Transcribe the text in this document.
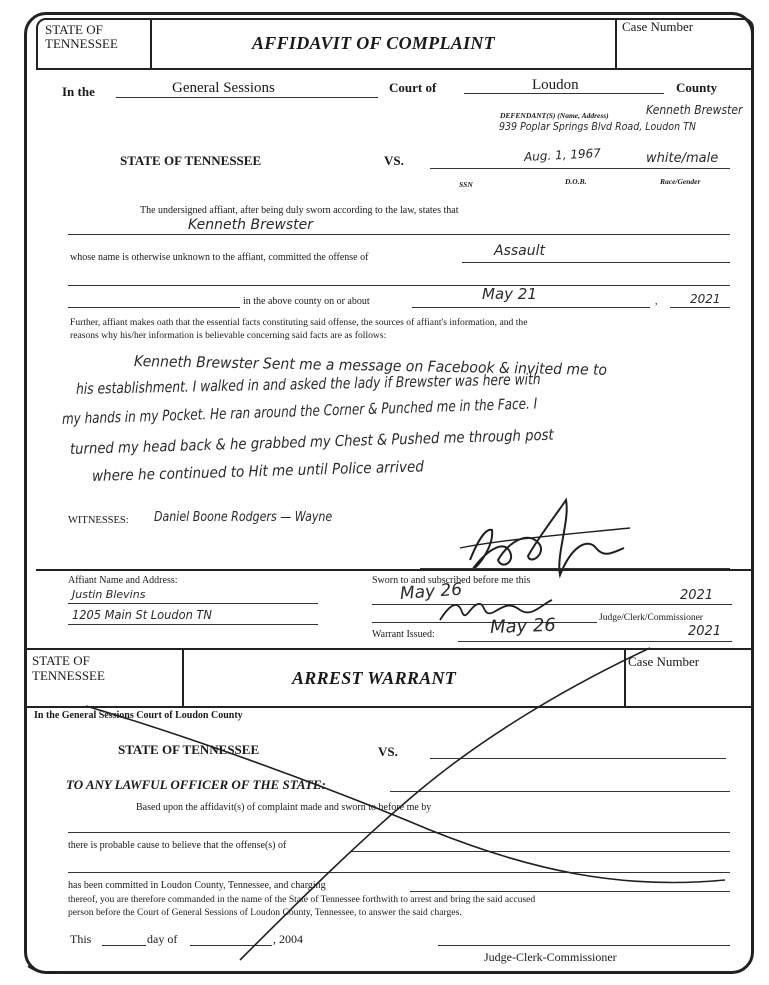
STATE OF
TENNESSEE	AFFIDAVIT OF COMPLAINT
Case Number
In the	General Sessions	Court of	Loudon	County
DEFENDANT(S) (Name, Address)	Kenneth Brewster
939 Poplar Springs Blvd Road, Loudon TN
STATE OF TENNESSEE	VS.	Aug. 1, 1967	white/male
SSN	D.O.B.	Race/Gender
The undersigned affiant, after being duly sworn according to the law, states that
Kenneth Brewster
whose name is otherwise unknown to the affiant, committed the offense of	Assault
in the above county on or about	May 21	,	2021
Further, affiant makes oath that the essential facts constituting said offense, the sources of affiant's information, and the
reasons why his/her information is believable concerning said facts are as follows:
Kenneth Brewster Sent me a message on Facebook & invited me to
his establishment. I walked in and asked the lady if Brewster was here with
my hands in my Pocket. He ran around the Corner & Punched me in the Face. I
turned my head back & he grabbed my Chest & Pushed me through post
where he continued to Hit me until Police arrived
WITNESSES: Daniel Boone Rodgers — Wayne
Affiant Name and Address:
Justin Blevins
1205 Main St Loudon TN
Sworn to and subscribed before me this
May 26	2021
Judge/Clerk/Commissioner
Warrant Issued:	May 26	2021
STATE OF
TENNESSEE	ARREST WARRANT
Case Number
In the General Sessions Court of Loudon County
STATE OF TENNESSEE	VS.
TO ANY LAWFUL OFFICER OF THE STATE:
Based upon the affidavit(s) of complaint made and sworn to before me by
there is probable cause to believe that the offense(s) of
has been committed in Loudon County, Tennessee, and charging
thereof, you are therefore commanded in the name of the State of Tennessee forthwith to arrest and bring the said accused
person before the Court of General Sessions of Loudon County, Tennessee, to answer the said charges.
This	day of	, 2004
Judge-Clerk-Commissioner
